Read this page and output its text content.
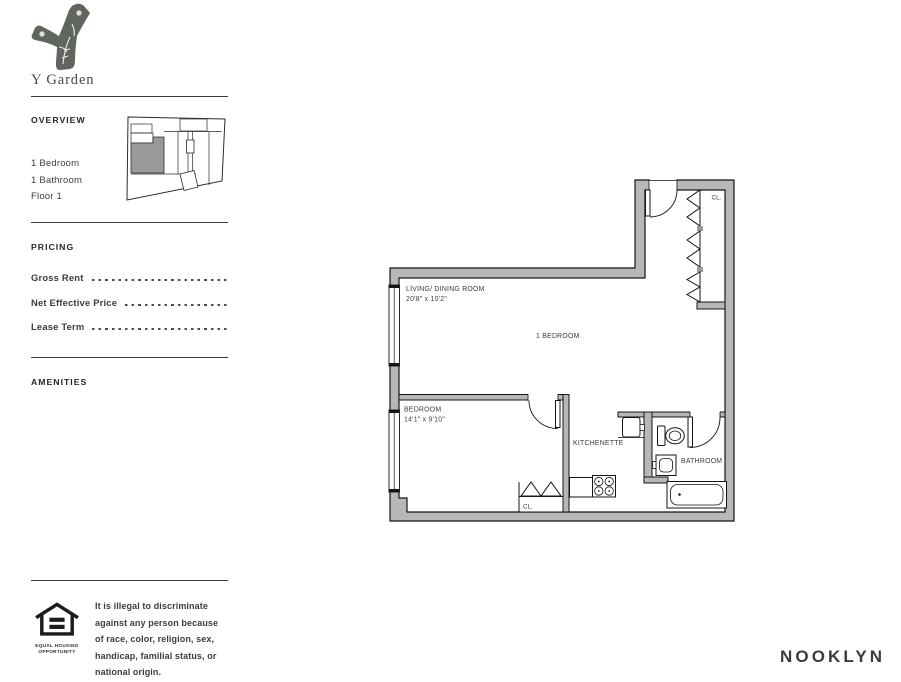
Y Garden
OVERVIEW
1 Bedroom
1 Bathroom
Floor 1
PRICING
Gross Rent
Net Effective Price
Lease Term
AMENITIES
EQUAL HOUSING
OPPORTUNITY
It is illegal to discriminate
against any person because
of race, color, religion, sex,
handicap, familial status, or
national origin.
NOOKLYN
LIVING/ DINING ROOM
20'8" x 10'2"
1 BEDROOM
BEDROOM
14'1" x 9'10"
KITCHENETTE
BATHROOM
CL.
CL.
